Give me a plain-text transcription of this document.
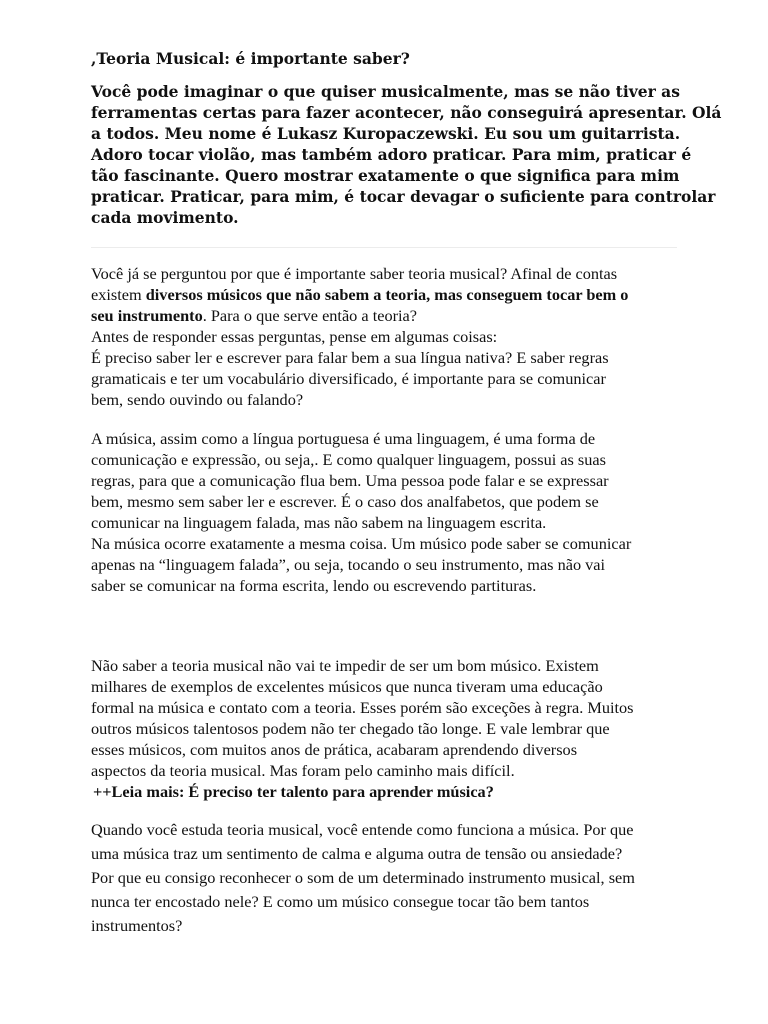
,Teoria Musical: é importante saber?

Você pode imaginar o que quiser musicalmente, mas se não tiver as
ferramentas certas para fazer acontecer, não conseguirá apresentar. Olá
a todos. Meu nome é Lukasz Kuropaczewski. Eu sou um guitarrista.
Adoro tocar violão, mas também adoro praticar. Para mim, praticar é
tão fascinante. Quero mostrar exatamente o que significa para mim
praticar. Praticar, para mim, é tocar devagar o suficiente para controlar
cada movimento.

Você já se perguntou por que é importante saber teoria musical? Afinal de contas
existem diversos músicos que não sabem a teoria, mas conseguem tocar bem o
seu instrumento. Para o que serve então a teoria?
Antes de responder essas perguntas, pense em algumas coisas:
É preciso saber ler e escrever para falar bem a sua língua nativa? E saber regras
gramaticais e ter um vocabulário diversificado, é importante para se comunicar
bem, sendo ouvindo ou falando?

A música, assim como a língua portuguesa é uma linguagem, é uma forma de
comunicação e expressão, ou seja,. E como qualquer linguagem, possui as suas
regras, para que a comunicação flua bem. Uma pessoa pode falar e se expressar
bem, mesmo sem saber ler e escrever. É o caso dos analfabetos, que podem se
comunicar na linguagem falada, mas não sabem na linguagem escrita.
Na música ocorre exatamente a mesma coisa. Um músico pode saber se comunicar
apenas na “linguagem falada”, ou seja, tocando o seu instrumento, mas não vai
saber se comunicar na forma escrita, lendo ou escrevendo partituras.

Não saber a teoria musical não vai te impedir de ser um bom músico. Existem
milhares de exemplos de excelentes músicos que nunca tiveram uma educação
formal na música e contato com a teoria. Esses porém são exceções à regra. Muitos
outros músicos talentosos podem não ter chegado tão longe. E vale lembrar que
esses músicos, com muitos anos de prática, acabaram aprendendo diversos
aspectos da teoria musical. Mas foram pelo caminho mais difícil.

++Leia mais: É preciso ter talento para aprender música?

Quando você estuda teoria musical, você entende como funciona a música. Por que
uma música traz um sentimento de calma e alguma outra de tensão ou ansiedade?
Por que eu consigo reconhecer o som de um determinado instrumento musical, sem
nunca ter encostado nele? E como um músico consegue tocar tão bem tantos
instrumentos?
